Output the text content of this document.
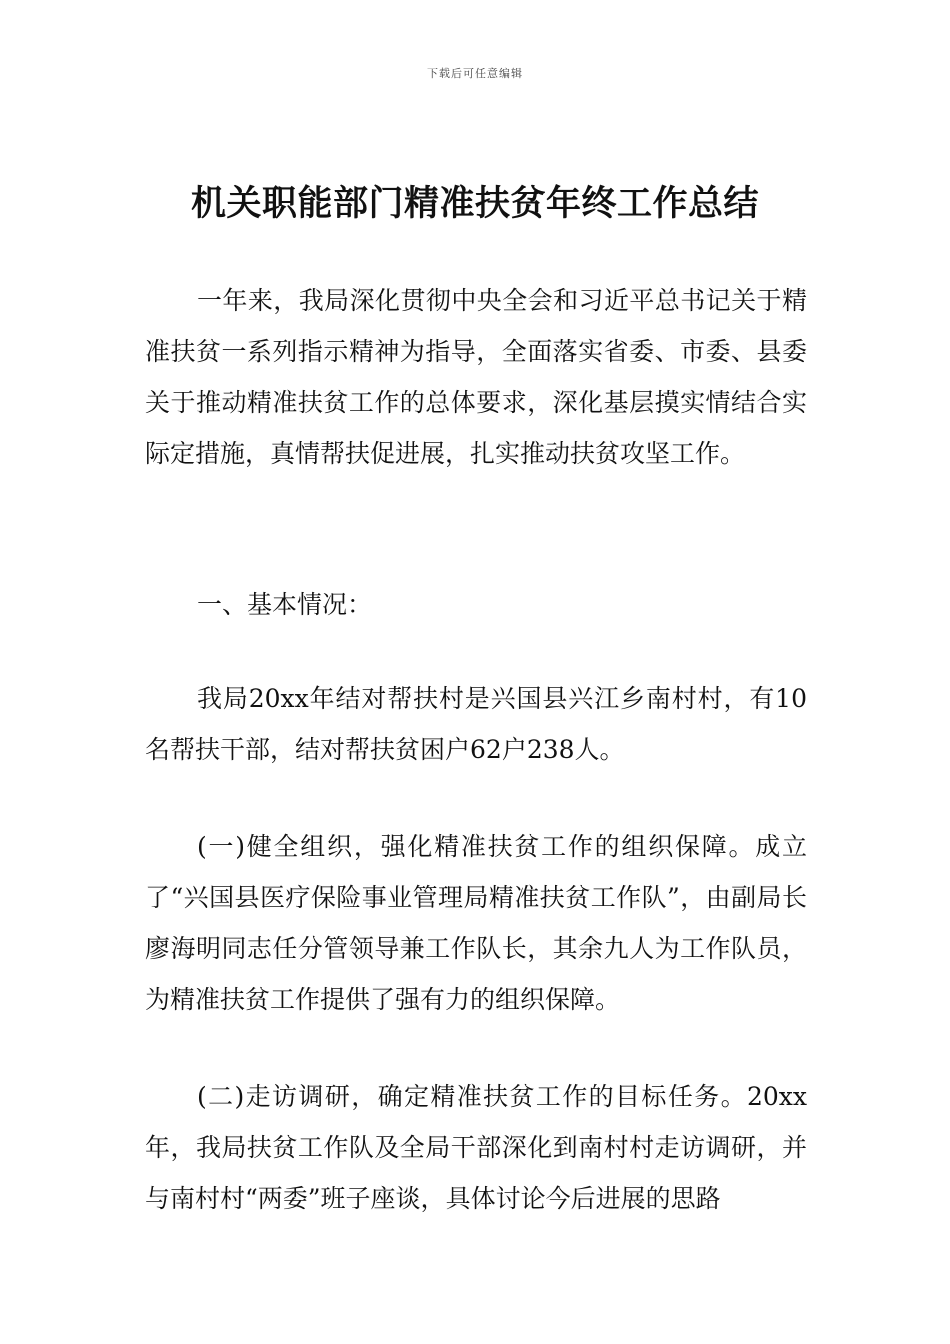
下载后可任意编辑
机关职能部门精准扶贫年终工作总结

一年来，我局深化贯彻中央全会和习近平总书记关于精准扶贫一系列指示精神为指导，全面落实省委、市委、县委关于推动精准扶贫工作的总体要求，深化基层摸实情结合实际定措施，真情帮扶促进展，扎实推动扶贫攻坚工作。

一、基本情况：

我局20xx年结对帮扶村是兴国县兴江乡南村村，有10名帮扶干部，结对帮扶贫困户62户238人。

(一)健全组织，强化精准扶贫工作的组织保障。成立了“兴国县医疗保险事业管理局精准扶贫工作队”，由副局长廖海明同志任分管领导兼工作队长，其余九人为工作队员，为精准扶贫工作提供了强有力的组织保障。

(二)走访调研，确定精准扶贫工作的目标任务。20xx年，我局扶贫工作队及全局干部深化到南村村走访调研，并与南村村“两委”班子座谈，具体讨论今后进展的思路
